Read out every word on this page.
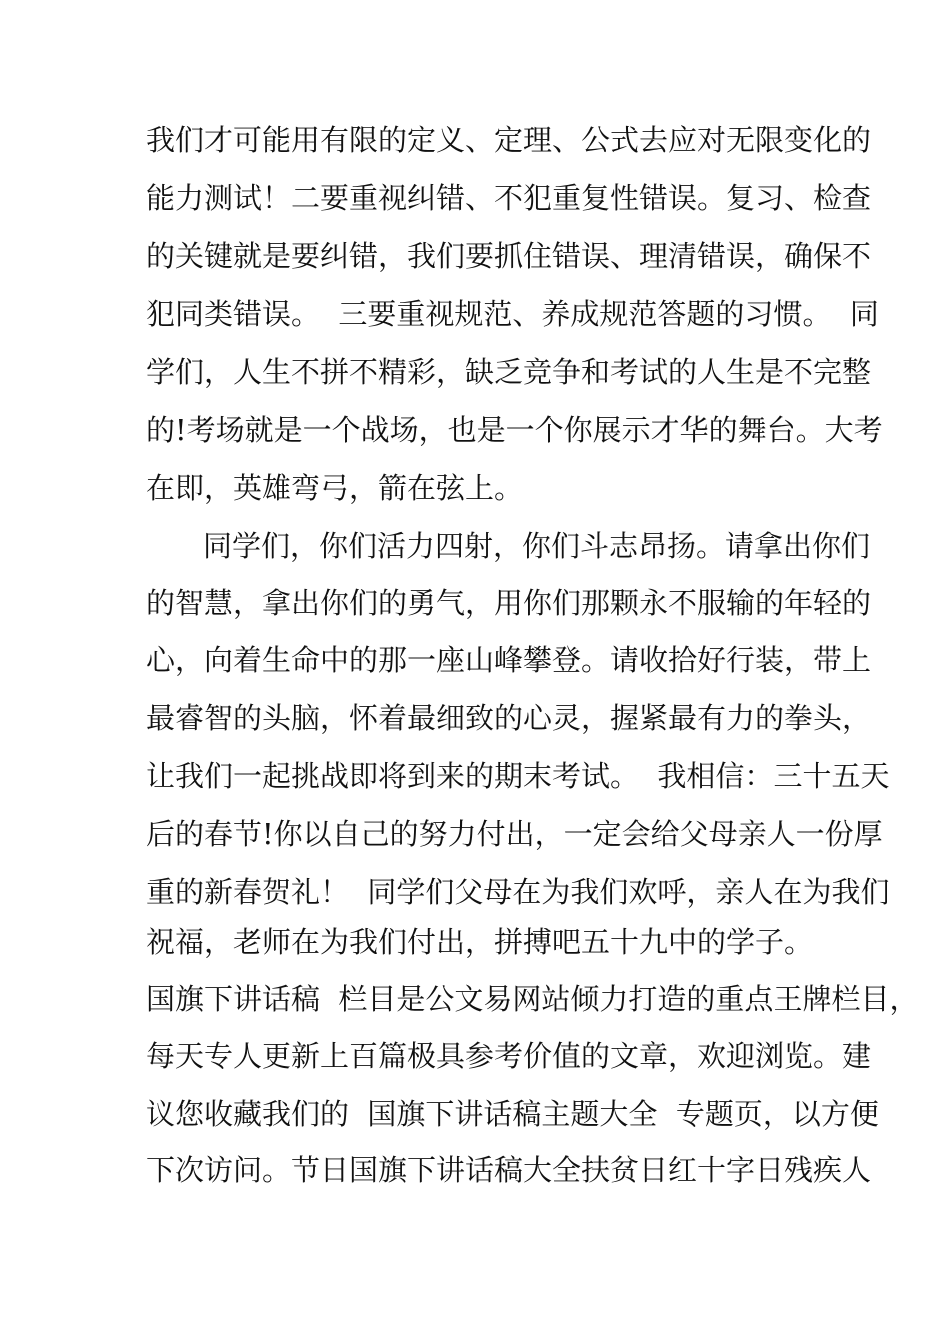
我们才可能用有限的定义、定理、公式去应对无限变化的
能力测试！二要重视纠错、不犯重复性错误。复习、检查
的关键就是要纠错，我们要抓住错误、理清错误，确保不
犯同类错误。  三要重视规范、养成规范答题的习惯。  同
学们，人生不拼不精彩，缺乏竞争和考试的人生是不完整
的!考场就是一个战场，也是一个你展示才华的舞台。大考
在即，英雄弯弓，箭在弦上。
同学们，你们活力四射，你们斗志昂扬。请拿出你们
的智慧，拿出你们的勇气，用你们那颗永不服输的年轻的
心，向着生命中的那一座山峰攀登。请收拾好行装，带上
最睿智的头脑，怀着最细致的心灵，握紧最有力的拳头，
让我们一起挑战即将到来的期末考试。  我相信：三十五天
后的春节!你以自己的努力付出，一定会给父母亲人一份厚
重的新春贺礼！  同学们父母在为我们欢呼，亲人在为我们
祝福，老师在为我们付出，拼搏吧五十九中的学子。
国旗下讲话稿  栏目是公文易网站倾力打造的重点王牌栏目，
每天专人更新上百篇极具参考价值的文章，欢迎浏览。建
议您收藏我们的  国旗下讲话稿主题大全  专题页，以方便
下次访问。节日国旗下讲话稿大全扶贫日红十字日残疾人
